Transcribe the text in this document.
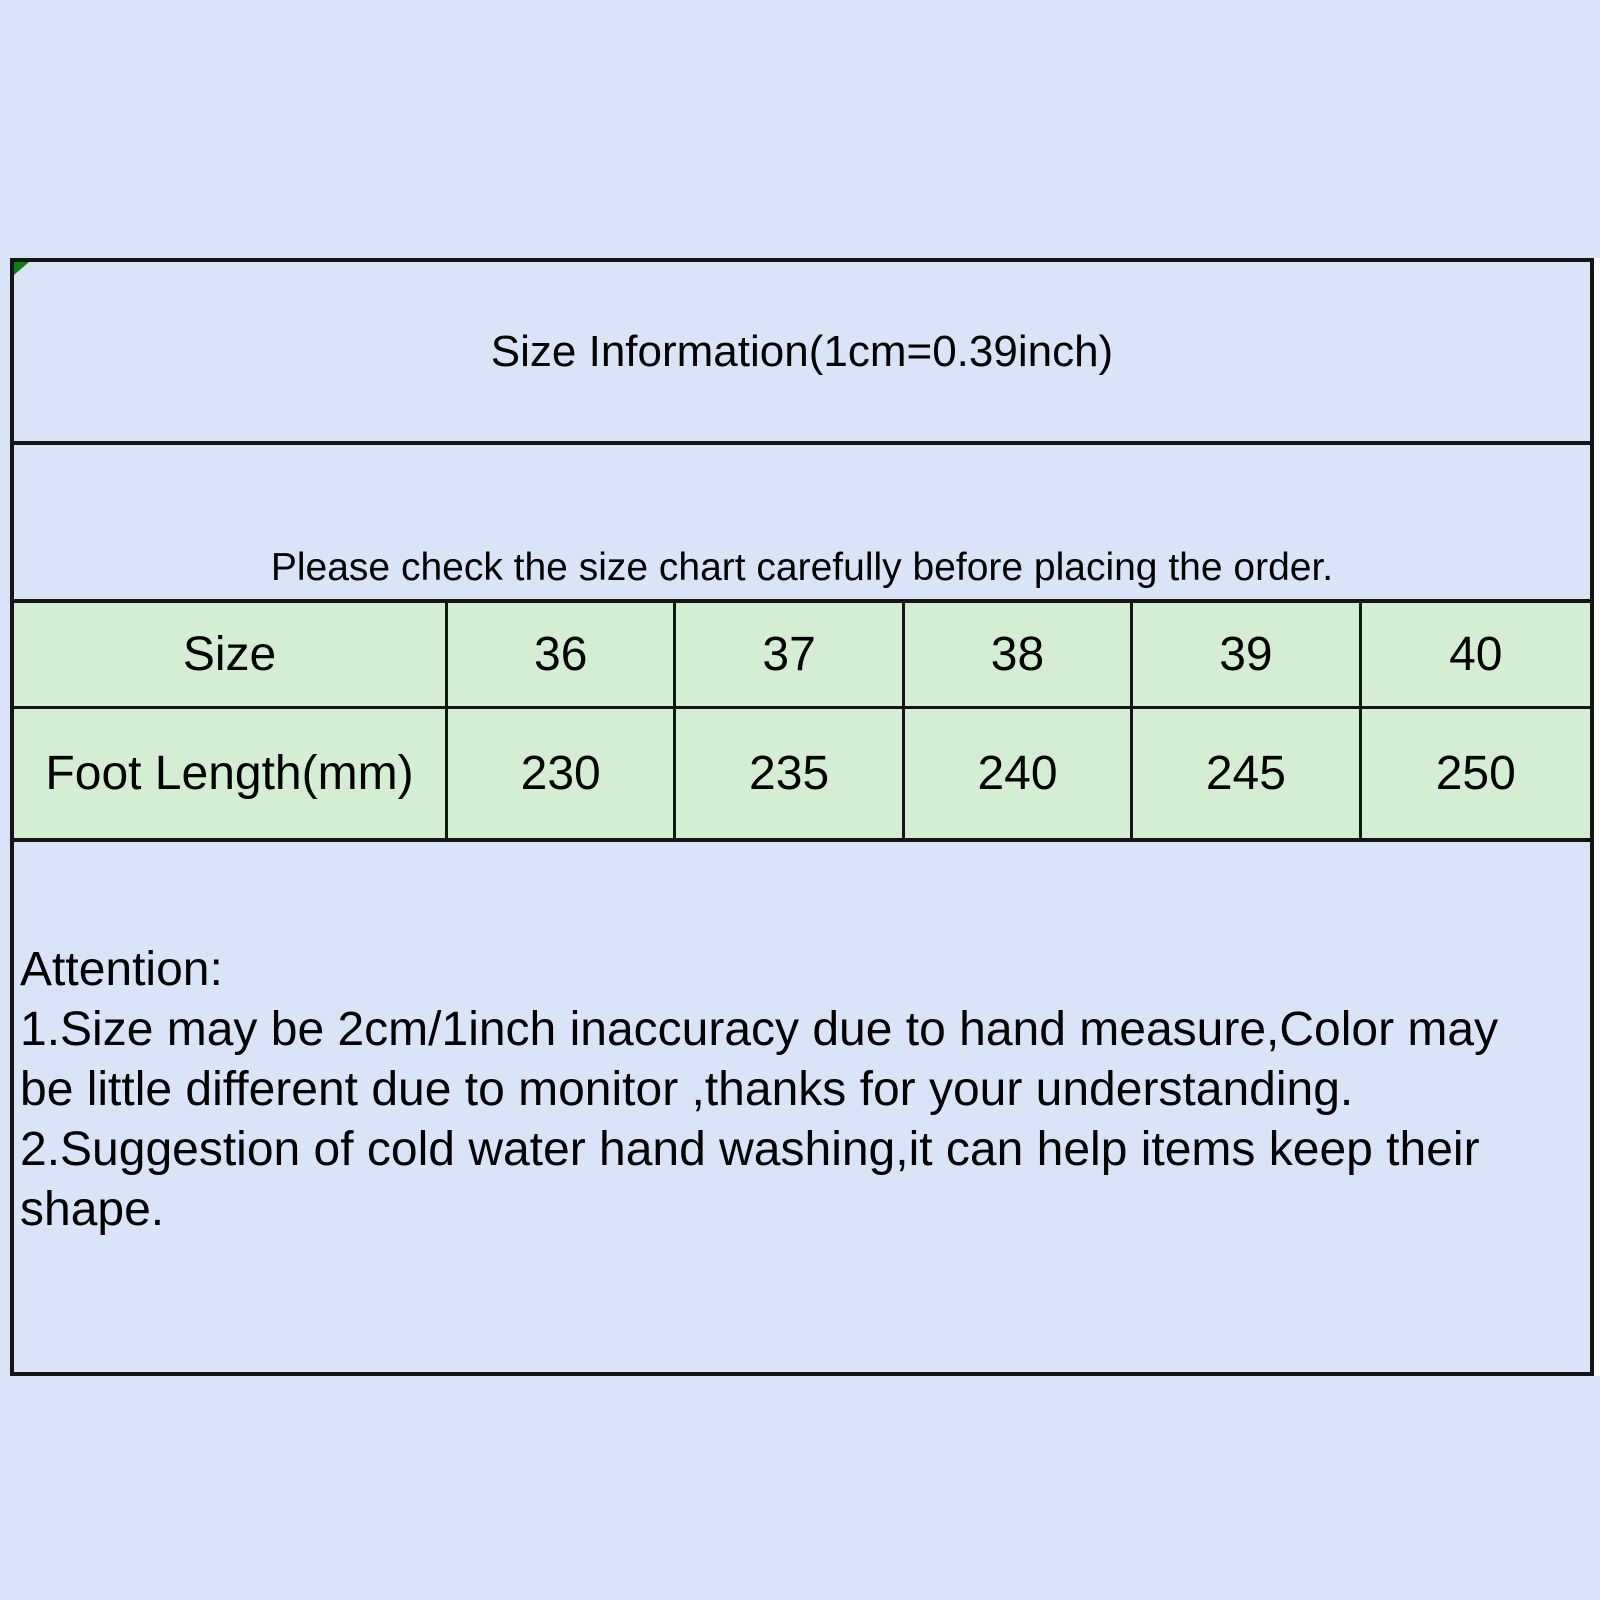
Size Information(1cm=0.39inch)
Please check the size chart carefully before placing the order.
Size	36	37	38	39	40
Foot Length(mm)	230	235	240	245	250
Attention:
1.Size may be 2cm/1inch inaccuracy due to hand measure,Color may
be little different due to monitor ,thanks for your understanding.
2.Suggestion of cold water hand washing,it can help items keep their
shape.
